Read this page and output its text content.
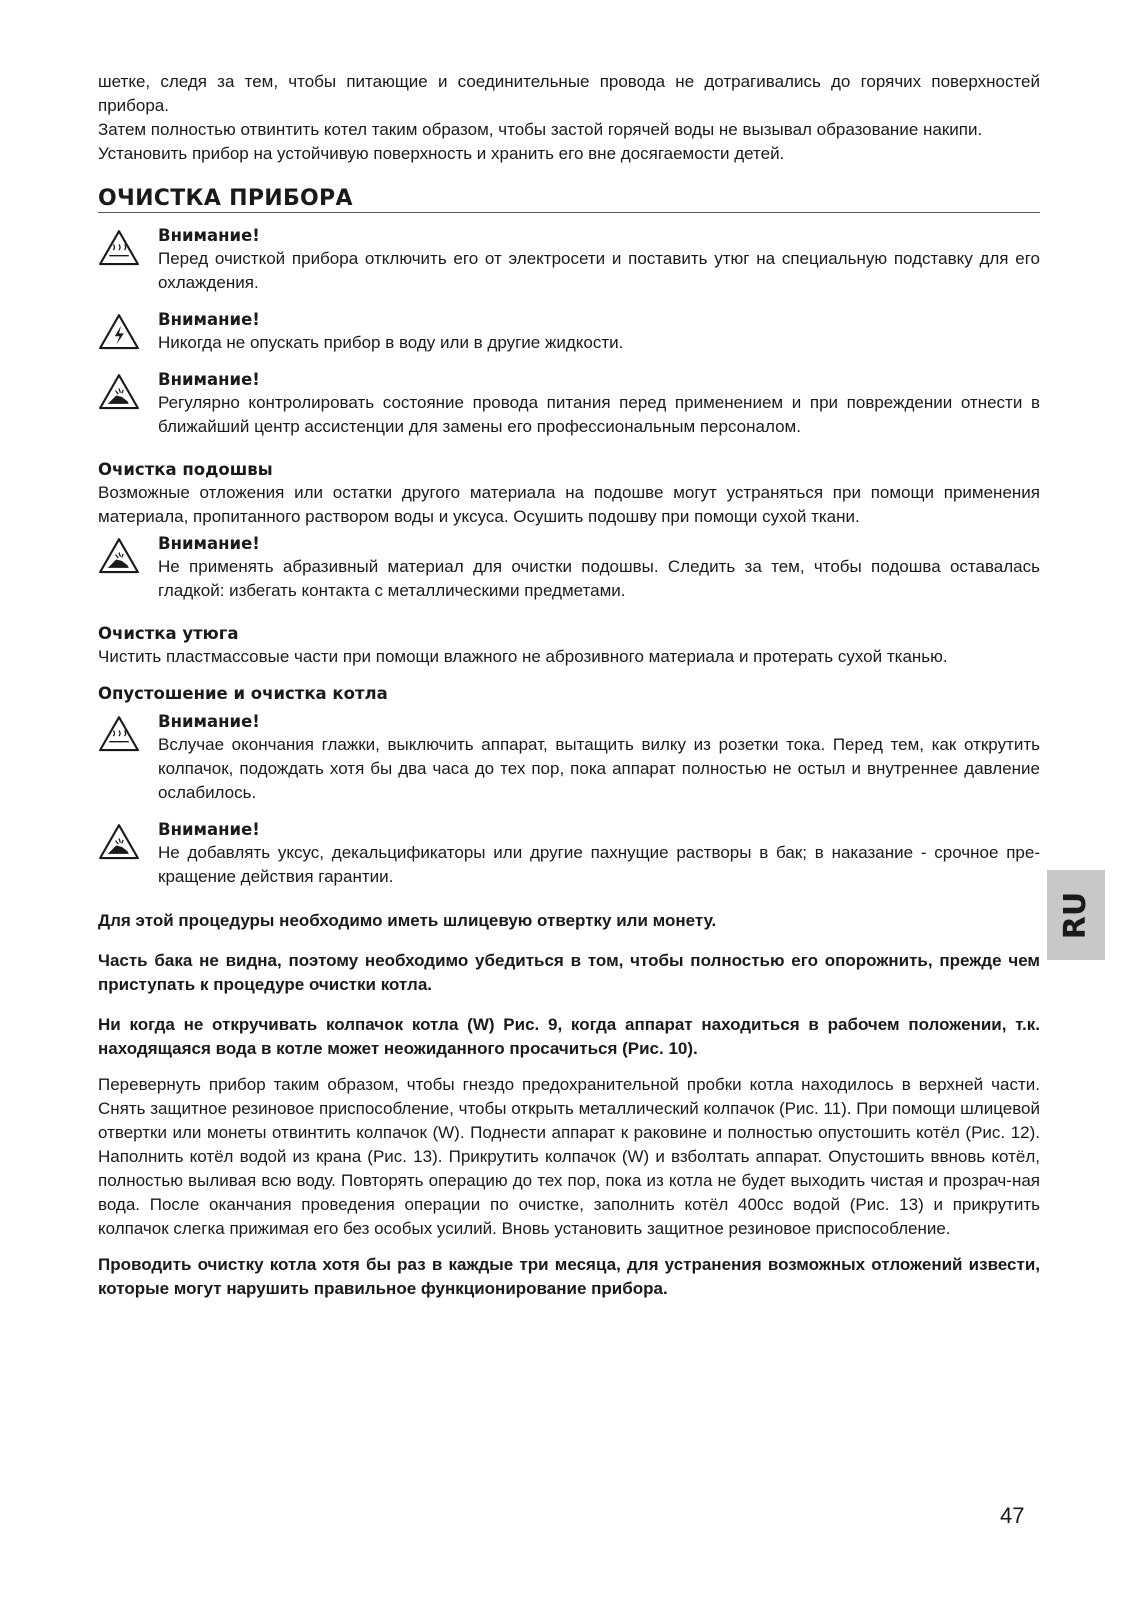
шетке, следя за тем, чтобы питающие и соединительные провода не дотрагивались до горячих поверхностей прибора.

Затем полностью отвинтить котел таким образом, чтобы застой горячей воды не вызывал образование накипи.

Установить прибор на устойчивую поверхность и хранить его вне досягаемости детей.

ОЧИСТКА ПРИБОРА

Внимание!

Перед очисткой прибора отключить его от электросети и поставить утюг на специальную подставку для его охлаждения.

Внимание!

Никогда не опускать прибор в воду или в другие жидкости.

Внимание!

Регулярно контролировать состояние провода питания перед применением и при повреждении отнести в ближайший центр ассистенции для замены его профессиональным персоналом.

Очистка подошвы

Возможные отложения или остатки другого материала на подошве могут устраняться при помощи применения материала, пропитанного раствором воды и уксуса. Осушить подошву при помощи сухой ткани.

Внимание!

Не применять абразивный материал для очистки подошвы. Следить за тем, чтобы подошва оставалась гладкой: избегать контакта с металлическими предметами.

Очистка утюга

Чистить пластмассовые части при помощи влажного не аброзивного материала и протерать сухой тканью.

Опустошение и очистка котла

Внимание!

Вслучае окончания глажки, выключить аппарат, вытащить вилку из розетки тока. Перед тем, как открутить колпачок, подождать хотя бы два часа до тех пор, пока аппарат полностью не остыл и внутреннее давление ослабилось.

Внимание!

Не добавлять уксус, декальцификаторы или другие пахнущие растворы в бак; в наказание - срочное пре-кращение действия гарантии.

Для этой процедуры необходимо иметь шлицевую отвертку или монету.

Часть бака не видна, поэтому необходимо убедиться в том, чтобы полностью его опорожнить, прежде чем приступать к процедуре очистки котла.

Ни когда не откручивать колпачок котла (W) Рис. 9, когда аппарат находиться в рабочем положении, т.к. находящаяся вода в котле может неожиданного просачиться (Рис. 10).

Перевернуть прибор таким образом, чтобы гнездо предохранительной пробки котла находилось в верхней части. Снять защитное резиновое приспособление, чтобы открыть металлический колпачок (Рис. 11). При помощи шлицевой отвертки или монеты отвинтить колпачок (W). Поднести аппарат к раковине и полностью опустошить котёл (Рис. 12). Наполнить котёл водой из крана (Рис. 13). Прикрутить колпачок (W) и взболтать аппарат. Опустошить ввновь котёл, полностью выливая всю воду. Повторять операцию до тех пор, пока из котла не будет выходить чистая и прозрач-ная вода. После оканчания проведения операции по очистке, заполнить котёл 400cc водой (Рис. 13) и прикрутить колпачок слегка прижимая его без особых усилий. Вновь установить защитное резиновое приспособление.

Проводить очистку котла хотя бы раз в каждые три месяца, для устранения возможных отложений извести, которые могут нарушить правильное функционирование прибора.

RU
47
